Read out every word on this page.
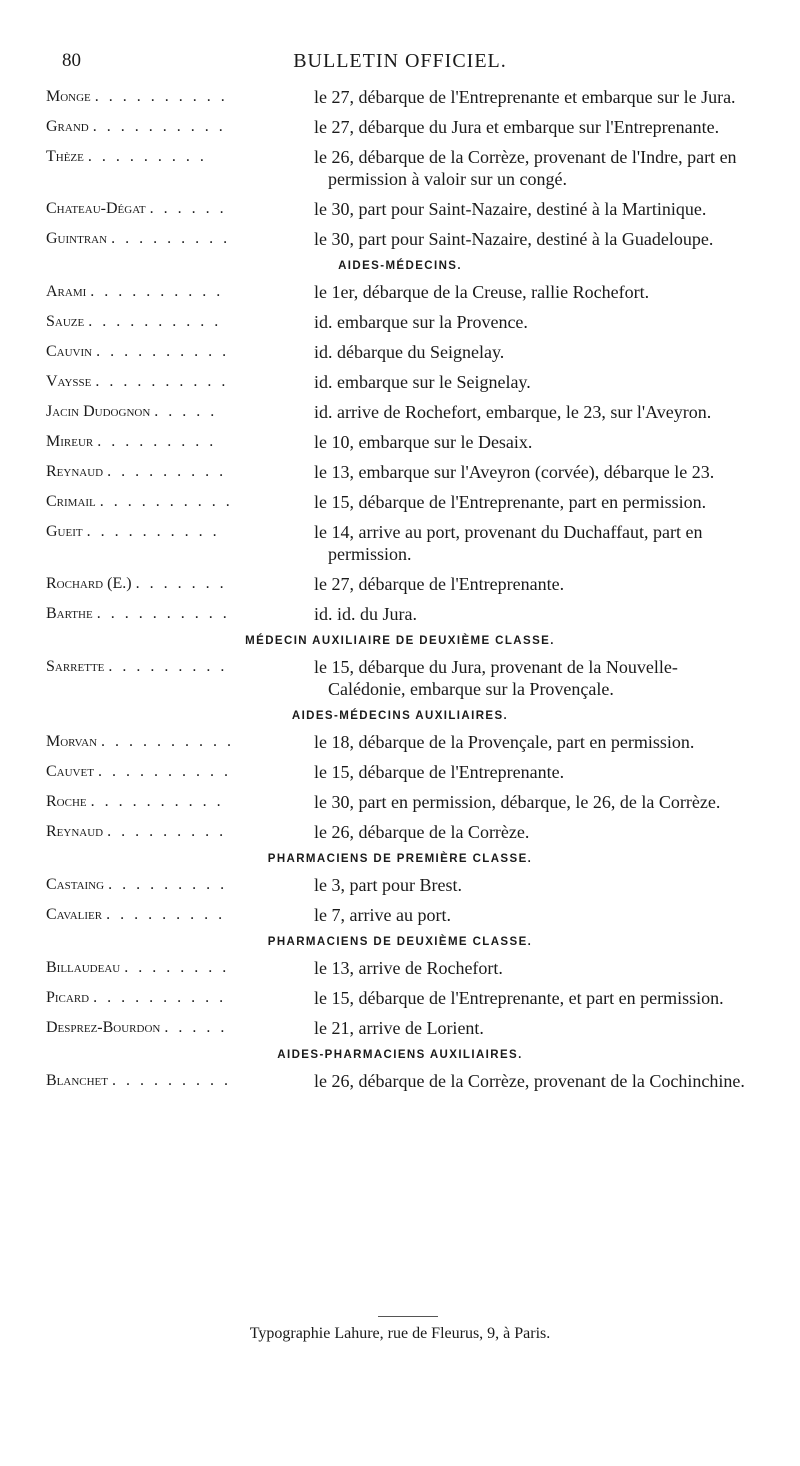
80	BULLETIN OFFICIEL.
Monge . . . . . . . . . .	le 27, débarque de l'Entreprenante et embarque sur le Jura.
Grand . . . . . . . . . .	le 27, débarque du Jura et embarque sur l'Entreprenante.
Thèze . . . . . . . . .	le 26, débarque de la Corrèze, provenant de l'Indre, part en permission à valoir sur un congé.
Chateau-Dégat . . . . . .	le 30, part pour Saint-Nazaire, destiné à la Martinique.
Guintran . . . . . . . . .	le 30, part pour Saint-Nazaire, destiné à la Guadeloupe.
AIDES-MÉDECINS.
Arami . . . . . . . . . .	le 1er, débarque de la Creuse, rallie Rochefort.
Sauze . . . . . . . . . .	id. embarque sur la Provence.
Cauvin . . . . . . . . . .	id. débarque du Seignelay.
Vaysse . . . . . . . . . .	id. embarque sur le Seignelay.
Jacin Dudognon . . . . .	id. arrive de Rochefort, embarque, le 23, sur l'Aveyron.
Mireur . . . . . . . . .	le 10, embarque sur le Desaix.
Reynaud . . . . . . . . .	le 13, embarque sur l'Aveyron (corvée), débarque le 23.
Crimail . . . . . . . . . .	le 15, débarque de l'Entreprenante, part en permission.
Gueit . . . . . . . . . .	le 14, arrive au port, provenant du Duchaffaut, part en permission.
Rochard (E.) . . . . . . .	le 27, débarque de l'Entreprenante.
Barthe . . . . . . . . . .	id. id. du Jura.
MÉDECIN AUXILIAIRE DE DEUXIÈME CLASSE.
Sarrette . . . . . . . . .	le 15, débarque du Jura, provenant de la Nouvelle-Calédonie, embarque sur la Provençale.
AIDES-MÉDECINS AUXILIAIRES.
Morvan . . . . . . . . . .	le 18, débarque de la Provençale, part en permission.
Cauvet . . . . . . . . . .	le 15, débarque de l'Entreprenante.
Roche . . . . . . . . . .	le 30, part en permission, débarque, le 26, de la Corrèze.
Reynaud . . . . . . . . .	le 26, débarque de la Corrèze.
PHARMACIENS DE PREMIÈRE CLASSE.
Castaing . . . . . . . . .	le 3, part pour Brest.
Cavalier . . . . . . . . .	le 7, arrive au port.
PHARMACIENS DE DEUXIÈME CLASSE.
Billaudeau . . . . . . . .	le 13, arrive de Rochefort.
Picard . . . . . . . . . .	le 15, débarque de l'Entreprenante, et part en permission.
Desprez-Bourdon . . . . .	le 21, arrive de Lorient.
AIDES-PHARMACIENS AUXILIAIRES.
Blanchet . . . . . . . . .	le 26, débarque de la Corrèze, provenant de la Cochinchine.
Typographie Lahure, rue de Fleurus, 9, à Paris.
